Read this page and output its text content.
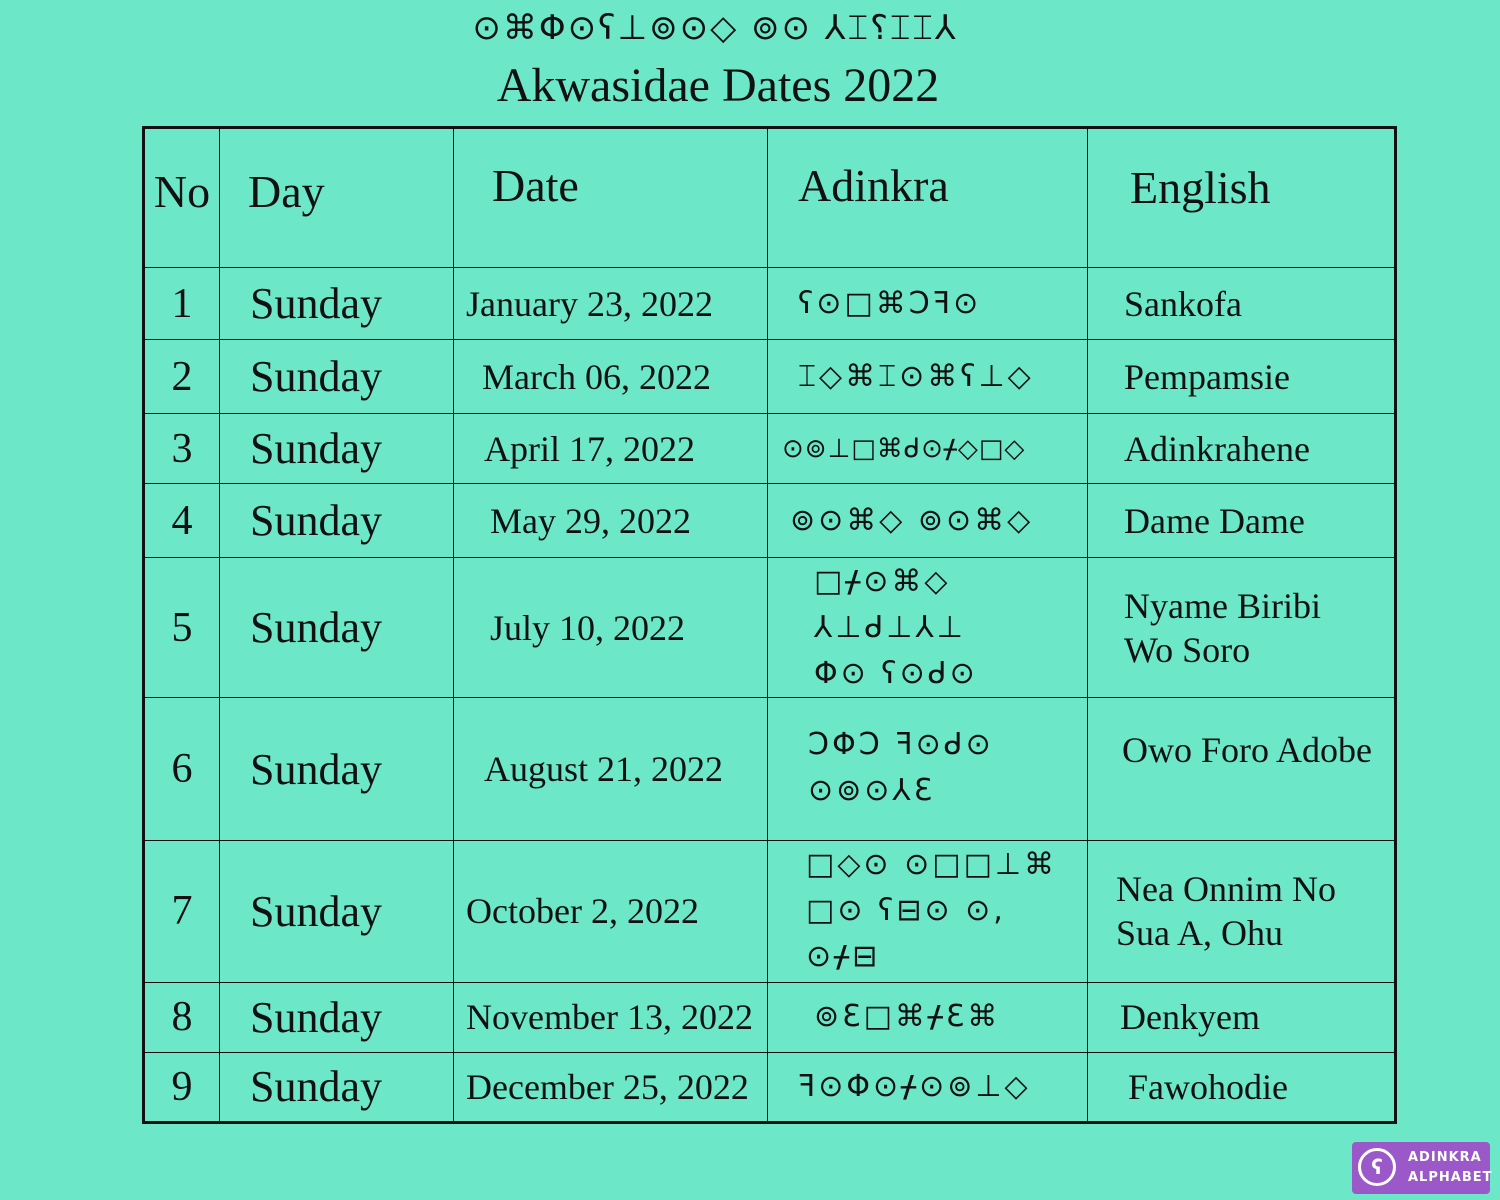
⊙⌘Φ⊙ʕ⊥⊚⊙◇ ⊚⊙ ⅄⌶⸮⌶⌶⅄
Akwasidae Dates 2022
No	Day	Date	Adinkra	English

1	Sunday	January 23, 2022	ʕ⊙□⌘Ↄꟻ⊙	Sankofa
2	Sunday	March 06, 2022	⌶◇⌘⌶⊙⌘ʕ⊥◇	Pempamsie
3	Sunday	April 17, 2022	⊙⊚⊥□⌘ᑯ⊙ᚋ◇□◇	Adinkrahene
4	Sunday	May 29, 2022	⊚⊙⌘◇ ⊚⊙⌘◇	Dame Dame
5	Sunday	July 10, 2022	□ᚋ⊙⌘◇ ⅄⊥ᑯ⊥⅄⊥ Φ⊙ ʕ⊙ᑯ⊙	Nyame Biribi Wo Soro
6	Sunday	August 21, 2022	ↃΦↃ ꟻ⊙ᑯ⊙ ⊙⊚⊙⅄Ɛ	Owo Foro Adobe
7	Sunday	October 2, 2022	□◇⊙ ⊙□□⊥⌘ □⊙ ʕ⊟⊙ ⊙, ⊙ᚋ⊟	Nea Onnim No Sua A, Ohu
8	Sunday	November 13, 2022	⊚Ɛ□⌘ᚋƐ⌘	Denkyem
9	Sunday	December 25, 2022	ꟻ⊙Φ⊙ᚋ⊙⊚⊥◇	Fawohodie
ʕ	ADINKRA
ALPHABET
